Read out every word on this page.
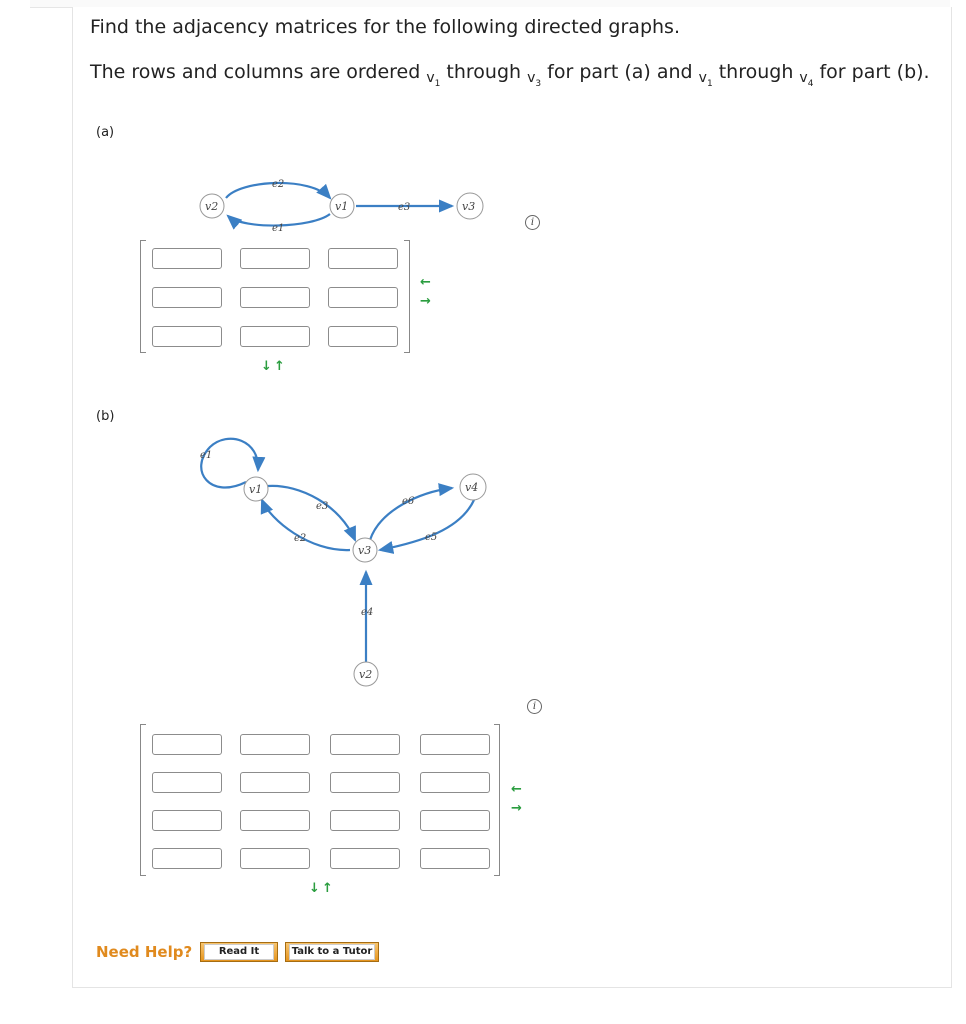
Find the adjacency matrices for the following directed graphs.
The rows and columns are ordered $_{v_1}$ through $_{v_3}$ for part (a) and $_{v_1}$ through $_{v_4}$ for part (b).
(a)
v2	v1	v3
e2
e1
e3
i
←
→
↓ ↑
(b)
v1
v3
v4
v2
e1
e3
e2
e6
e5
e4
i
←
→
↓ ↑
Need Help?	Read It	Talk to a Tutor
